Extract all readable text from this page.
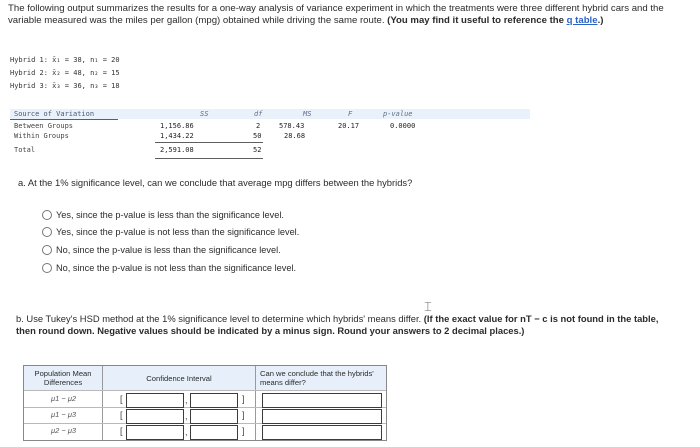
The following output summarizes the results for a one-way analysis of variance experiment in which the treatments were three different hybrid cars and the variable measured was the miles per gallon (mpg) obtained while driving the same route. (You may find it useful to reference the q table.)
Hybrid 1: x̄₁ = 38, n₁ = 20
Hybrid 2: x̄₂ = 48, n₂ = 15
Hybrid 3: x̄₃ = 36, n₃ = 18
Source of Variation	SS	df	MS	F	p-value
Between Groups	1,156.86	2	578.43	20.17	0.0000
Within Groups	1,434.22	50	28.68
Total	2,591.08	52
a. At the 1% significance level, can we conclude that average mpg differs between the hybrids?
Yes, since the p-value is less than the significance level.
Yes, since the p-value is not less than the significance level.
No, since the p-value is less than the significance level.
No, since the p-value is not less than the significance level.
⌶
b. Use Tukey's HSD method at the 1% significance level to determine which hybrids' means differ. (If the exact value for nT − c is not found in the table, then round down. Negative values should be indicated by a minus sign. Round your answers to 2 decimal places.)
Population Mean Differences	Confidence Interval	Can we conclude that the hybrids' means differ?
μ1 − μ2	[	,	]
μ1 − μ3	[	,	]
μ2 − μ3	[	,	]
